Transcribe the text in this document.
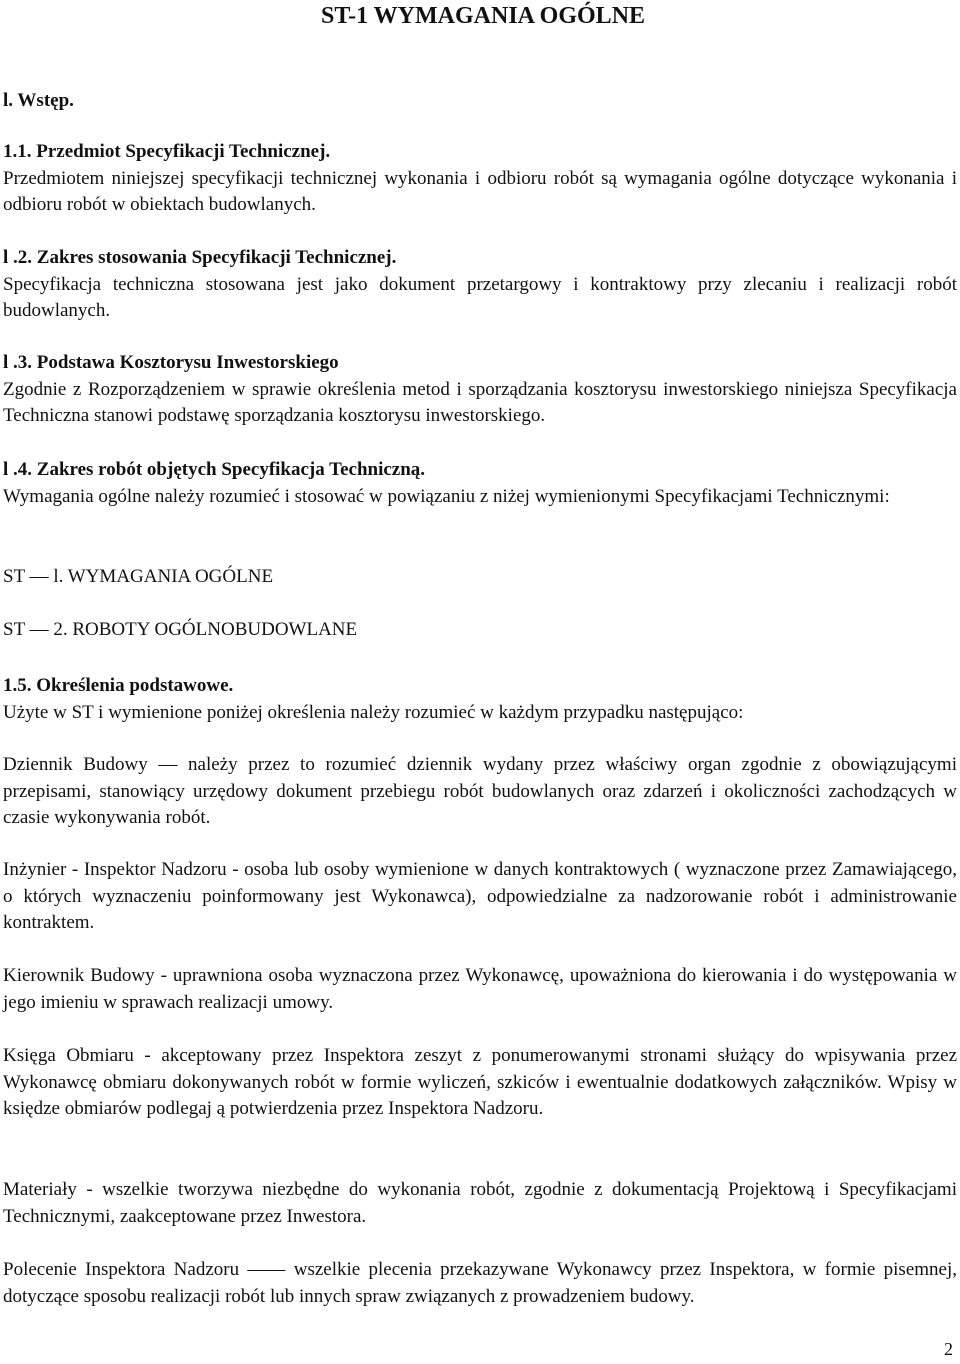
ST-1 WYMAGANIA OGÓLNE

l. Wstęp.

1.1. Przedmiot Specyfikacji Technicznej.

Przedmiotem niniejszej specyfikacji technicznej wykonania i odbioru robót są wymagania ogólne dotyczące wykonania i odbioru robót w obiektach budowlanych.

l .2. Zakres stosowania Specyfikacji Technicznej.

Specyfikacja techniczna stosowana jest jako dokument przetargowy i kontraktowy przy zlecaniu i realizacji robót budowlanych.

l .3. Podstawa Kosztorysu Inwestorskiego

Zgodnie z Rozporządzeniem w sprawie określenia metod i sporządzania kosztorysu inwestorskiego niniejsza Specyfikacja Techniczna stanowi podstawę sporządzania kosztorysu inwestorskiego.

l .4. Zakres robót objętych Specyfikacja Techniczną.

Wymagania ogólne należy rozumieć i stosować w powiązaniu z niżej wymienionymi Specyfikacjami Technicznymi:

ST — l. WYMAGANIA OGÓLNE

ST — 2. ROBOTY OGÓLNOBUDOWLANE

1.5. Określenia podstawowe.

Użyte w ST i wymienione poniżej określenia należy rozumieć w każdym przypadku następująco:

Dziennik Budowy — należy przez to rozumieć dziennik wydany przez właściwy organ zgodnie z obowiązującymi przepisami, stanowiący urzędowy dokument przebiegu robót budowlanych oraz zdarzeń i okoliczności zachodzących w czasie wykonywania robót.

Inżynier - Inspektor Nadzoru - osoba lub osoby wymienione w danych kontraktowych ( wyznaczone przez Zamawiającego, o których wyznaczeniu poinformowany jest Wykonawca), odpowiedzialne za nadzorowanie robót i administrowanie kontraktem.

Kierownik Budowy - uprawniona osoba wyznaczona przez Wykonawcę, upoważniona do kierowania i do występowania w jego imieniu w sprawach realizacji umowy.

Księga Obmiaru - akceptowany przez Inspektora zeszyt z ponumerowanymi stronami służący do wpisywania przez Wykonawcę obmiaru dokonywanych robót w formie wyliczeń, szkiców i ewentualnie dodatkowych załączników. Wpisy w księdze obmiarów podlegaj ą potwierdzenia przez Inspektora Nadzoru.

Materiały - wszelkie tworzywa niezbędne do wykonania robót, zgodnie z dokumentacją Projektową i Specyfikacjami Technicznymi, zaakceptowane przez Inwestora.

Polecenie Inspektora Nadzoru —— wszelkie plecenia przekazywane Wykonawcy przez Inspektora, w formie pisemnej, dotyczące sposobu realizacji robót lub innych spraw związanych z prowadzeniem budowy.

2
